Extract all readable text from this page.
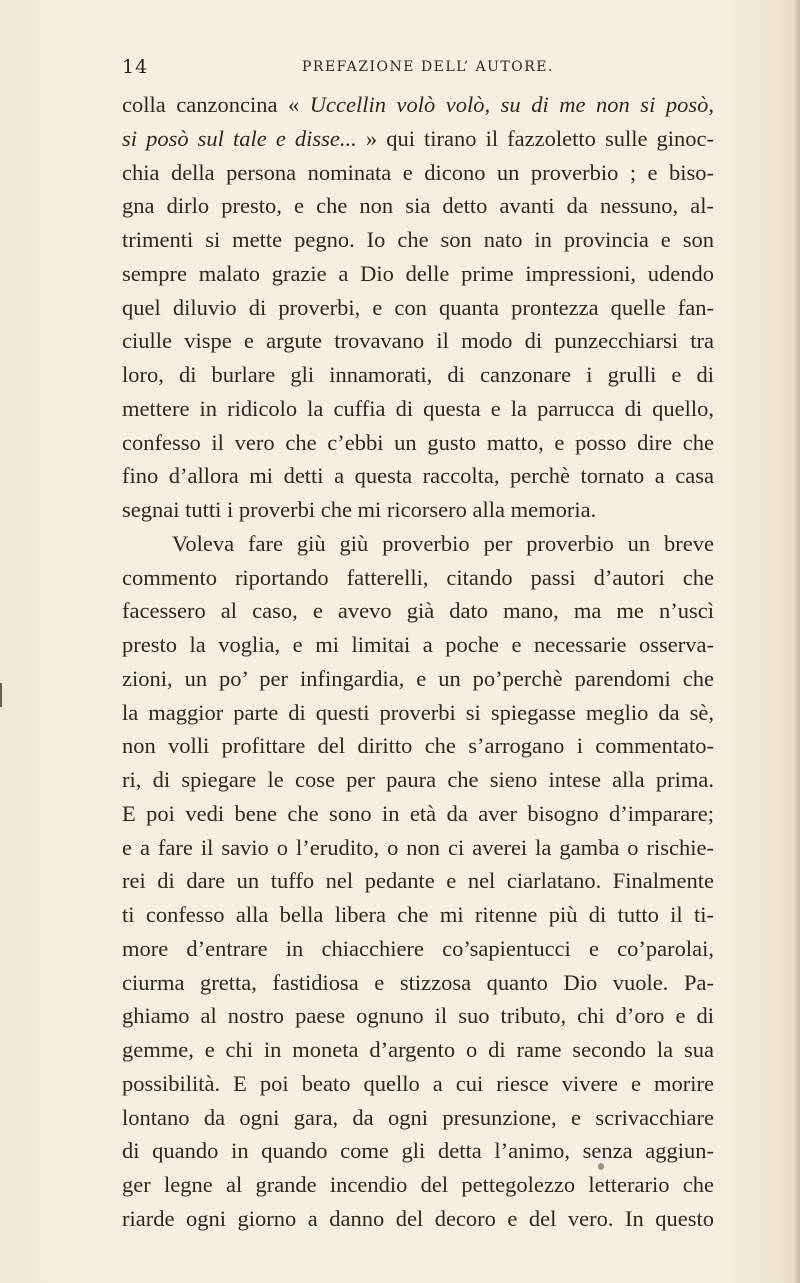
14	PREFAZIONE DELL’ AUTORE.
colla canzoncina « Uccellin volò volò, su di me non si posò,
si posò sul tale e disse... » qui tirano il fazzoletto sulle ginoc-
chia della persona nominata e dicono un proverbio ; e biso-
gna dirlo presto, e che non sia detto avanti da nessuno, al-
trimenti si mette pegno. Io che son nato in provincia e son
sempre malato grazie a Dio delle prime impressioni, udendo
quel diluvio di proverbi, e con quanta prontezza quelle fan-
ciulle vispe e argute trovavano il modo di punzecchiarsi tra
loro, di burlare gli innamorati, di canzonare i grulli e di
mettere in ridicolo la cuffia di questa e la parrucca di quello,
confesso il vero che c’ebbi un gusto matto, e posso dire che
fino d’allora mi detti a questa raccolta, perchè tornato a casa
segnai tutti i proverbi che mi ricorsero alla memoria.
Voleva fare giù giù proverbio per proverbio un breve
commento riportando fatterelli, citando passi d’autori che
facessero al caso, e avevo già dato mano, ma me n’uscì
presto la voglia, e mi limitai a poche e necessarie osserva-
zioni, un po’ per infingardia, e un po’perchè parendomi che
la maggior parte di questi proverbi si spiegasse meglio da sè,
non volli profittare del diritto che s’arrogano i commentato-
ri, di spiegare le cose per paura che sieno intese alla prima.
E poi vedi bene che sono in età da aver bisogno d’imparare;
e a fare il savio o l’erudito, o non ci averei la gamba o rischie-
rei di dare un tuffo nel pedante e nel ciarlatano. Finalmente
ti confesso alla bella libera che mi ritenne più di tutto il ti-
more d’entrare in chiacchiere co’sapientucci e co’parolai,
ciurma gretta, fastidiosa e stizzosa quanto Dio vuole. Pa-
ghiamo al nostro paese ognuno il suo tributo, chi d’oro e di
gemme, e chi in moneta d’argento o di rame secondo la sua
possibilità. E poi beato quello a cui riesce vivere e morire
lontano da ogni gara, da ogni presunzione, e scrivacchiare
di quando in quando come gli detta l’animo, senza aggiun-
ger legne al grande incendio del pettegolezzo letterario che
riarde ogni giorno a danno del decoro e del vero. In questo
